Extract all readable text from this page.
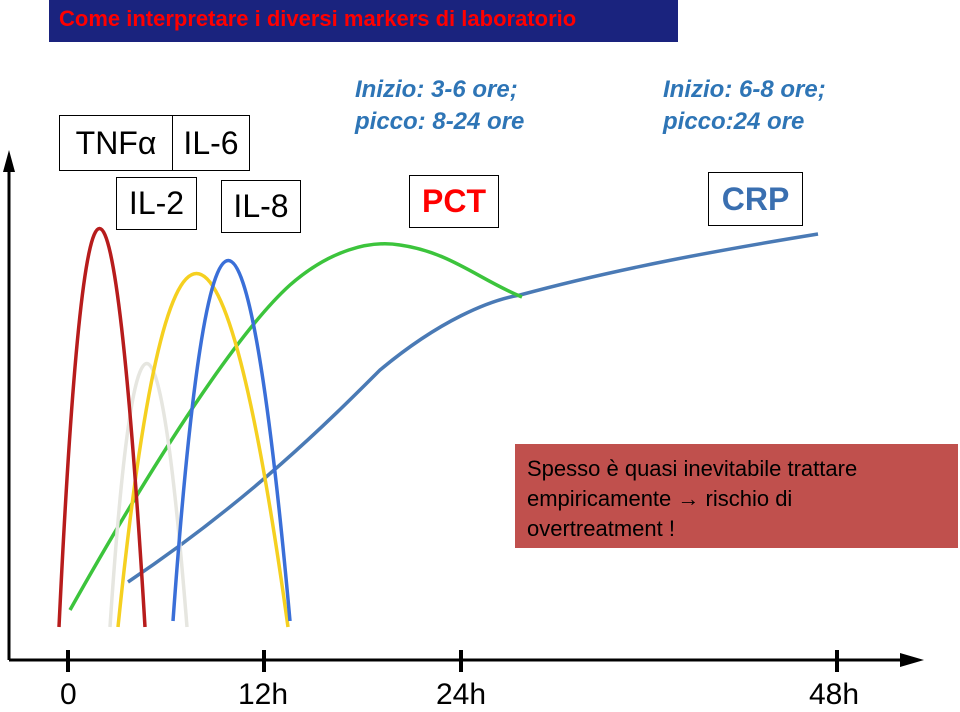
Come interpretare i diversi markers di laboratorio
TNFα IL-6
IL-2	IL-8
Inizio: 3-6 ore;
picco: 8-24 ore
PCT
Inizio: 6-8 ore;
picco:24 ore
CRP
0	12h	24h	48h
Spesso è quasi inevitabile trattare
empiricamente → rischio di
overtreatment !
